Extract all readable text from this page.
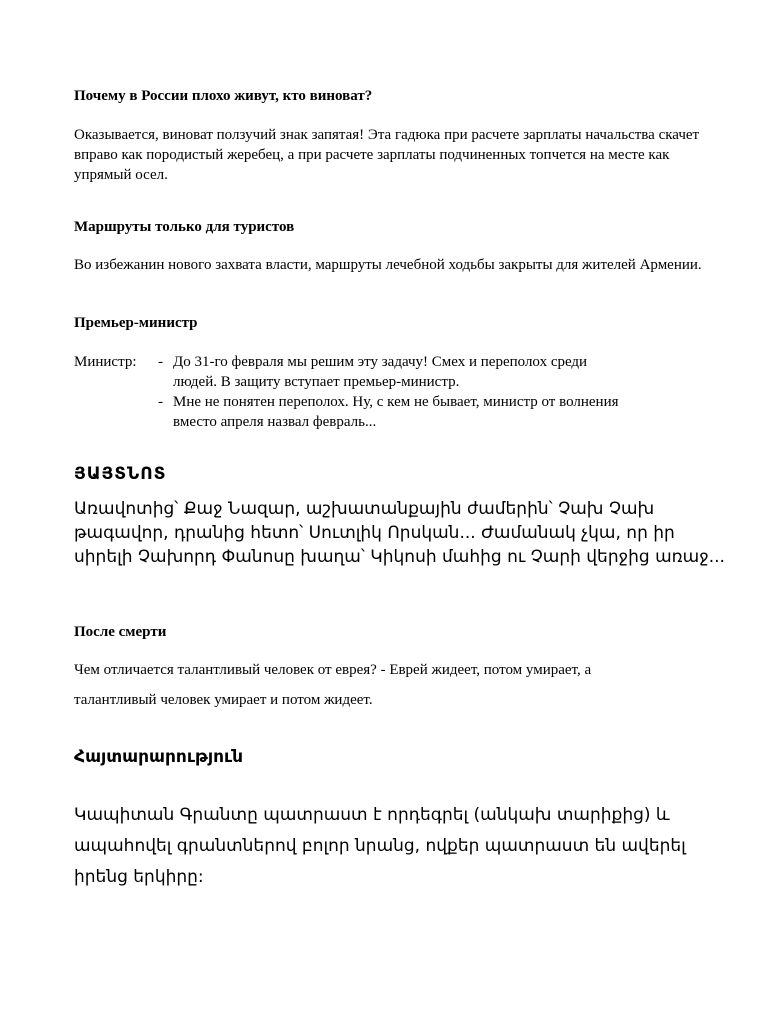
Почему в России плохо живут, кто виноват?

Оказывается, виноват ползучий знак запятая! Эта гадюка при расчете зарплаты начальства скачет вправо как породистый жеребец, а при расчете зарплаты подчиненных топчется на месте как упрямый осел.

Маршруты только для туристов

Во избежанин нового захвата власти, маршруты лечебной ходьбы закрыты для жителей Армении.

Премьер-министр

Министр: - До 31-го февраля мы решим эту задачу! Смех и переполох среди
людей. В защиту вступает премьер-министр.
- Мне не понятен переполох. Ну, с кем не бывает, министр от волнения
вместо апреля назвал февраль...

ՅԱՅՏՆՈՏ

Առավոտից՝ Քաջ Նազար, աշխատանքային ժամերին՝ Չախ Չախ թագավոր, դրանից հետո՝ Սուտլիկ Որսկան... Ժամանակ չկա, որ իր սիրելի Չախորդ Փանոսը խաղա՝ Կիկոսի մահից ու Չարի վերջից առաջ...

После смерти

Чем отличается талантливый человек от еврея? - Еврей жидеет, потом умирает, а
талантливый человек умирает и потом жидеет.

Հայտարարություն

Կապիտան Գրանտը պատրաստ է որդեգրել (անկախ տարիքից) և ապահովել գրանտներով բոլոր նրանց, ովքեր պատրաստ են ավերել իրենց երկիրը:
